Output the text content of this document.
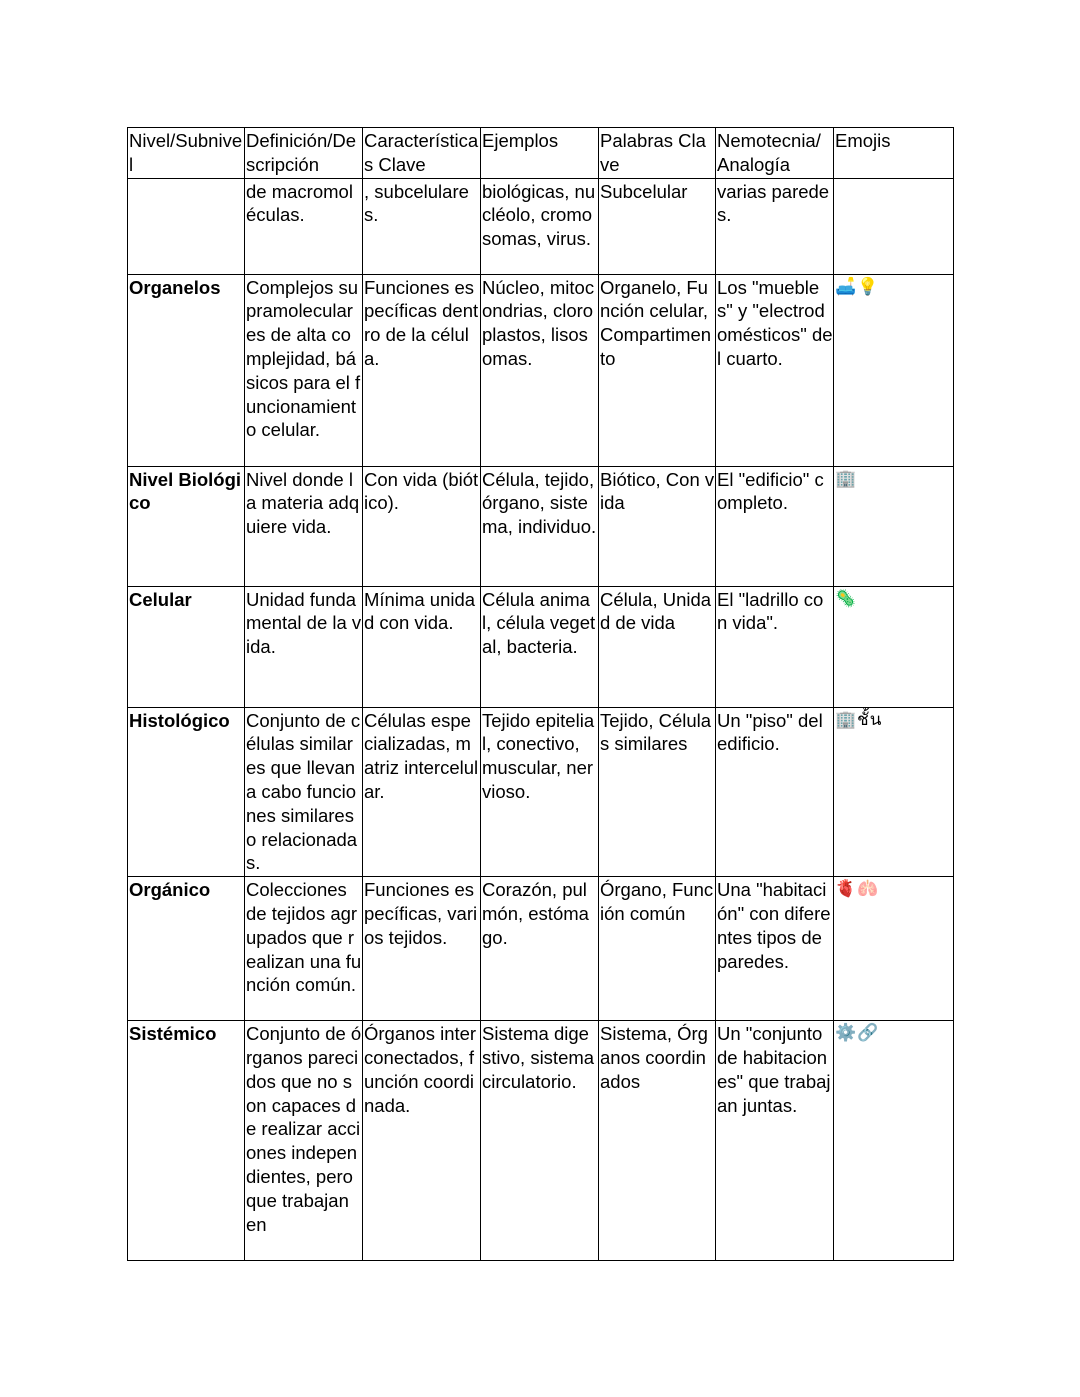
Nivel/Subnivel	Definición/Descripción	Características Clave	Ejemplos	Palabras Clave	Nemotecnia/ Analogía	Emojis

	de macromoléculas.	, subcelulares.	biológicas, nucléolo, cromosomas, virus.	Subcelular	varias paredes.	

Organelos	Complejos supramoleculares de alta complejidad, básicos para el funcionamiento celular.	Funciones específicas dentro de la célula.	Núcleo, mitocondrias, cloroplastos, lisosomas.	Organelo, Función celular, Compartimento	Los "muebles" y "electrodomésticos" del cuarto.	🛋️💡

Nivel Biológico	Nivel donde la materia adquiere vida.	Con vida (biótico).	Célula, tejido, órgano, sistema, individuo.	Biótico, Con vida	El "edificio" completo.	🏢

Celular	Unidad fundamental de la vida.	Mínima unidad con vida.	Célula animal, célula vegetal, bacteria.	Célula, Unidad de vida	El "ladrillo con vida".	🦠

Histológico	Conjunto de células similares que llevan a cabo funciones similares o relacionadas.	Células especializadas, matriz intercelular.	Tejido epitelial, conectivo, muscular, nervioso.	Tejido, Células similares	Un "piso" del edificio.	🏢ชั้น

Orgánico	Colecciones de tejidos agrupados que realizan una función común.	Funciones específicas, varios tejidos.	Corazón, pulmón, estómago.	Órgano, Función común	Una "habitación" con diferentes tipos de paredes.	🫀🫁

Sistémico	Conjunto de órganos parecidos que no son capaces de realizar acciones independientes, pero que trabajan en	Órganos interconectados, función coordinada.	Sistema digestivo, sistema circulatorio.	Sistema, Órganos coordinados	Un "conjunto de habitaciones" que trabajan juntas.	⚙️🔗
